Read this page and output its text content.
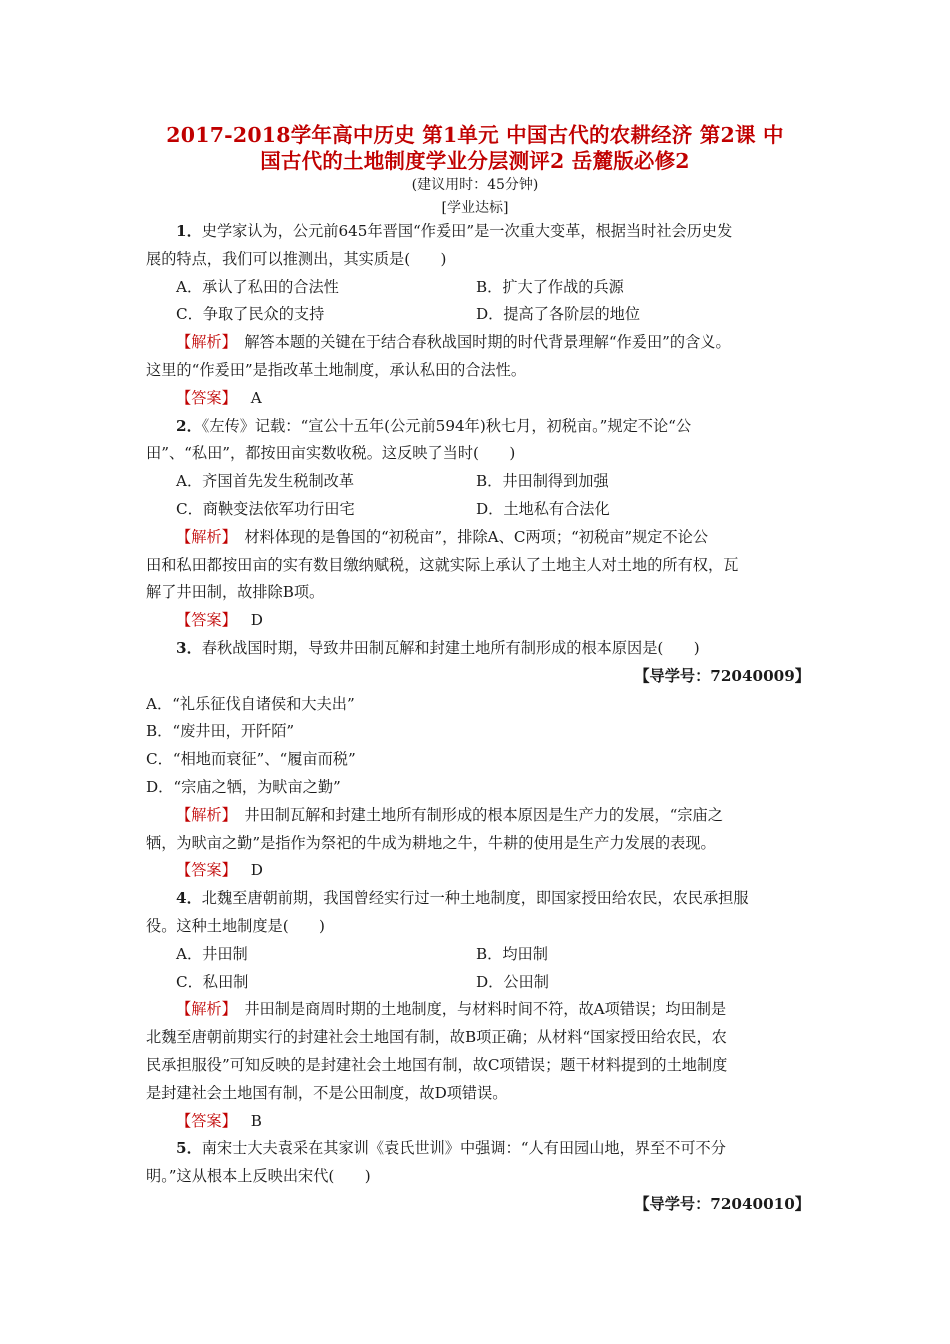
2017-2018学年高中历史 第1单元 中国古代的农耕经济 第2课 中
国古代的土地制度学业分层测评2 岳麓版必修2
(建议用时：45分钟)
[学业达标]
1．史学家认为，公元前645年晋国“作爰田”是一次重大变革，根据当时社会历史发
展的特点，我们可以推测出，其实质是(　　)
A．承认了私田的合法性	B．扩大了作战的兵源
C．争取了民众的支持	D．提高了各阶层的地位
【解析】　 解答本题的关键在于结合春秋战国时期的时代背景理解“作爰田”的含义。
这里的“作爰田”是指改革土地制度，承认私田的合法性。
【答案】 A
2．《左传》记载：“宣公十五年(公元前594年)秋七月，初税亩。”规定不论“公
田”、“私田”，都按田亩实数收税。这反映了当时(　　)
A．齐国首先发生税制改革	B．井田制得到加强
C．商鞅变法依军功行田宅	D．土地私有合法化
【解析】　 材料体现的是鲁国的“初税亩”，排除A、C两项；“初税亩”规定不论公
田和私田都按田亩的实有数目缴纳赋税，这就实际上承认了土地主人对土地的所有权，瓦
解了井田制，故排除B项。
【答案】 D
3．春秋战国时期，导致井田制瓦解和封建土地所有制形成的根本原因是(　　)
【导学号：72040009】
A．“礼乐征伐自诸侯和大夫出”
B．“废井田，开阡陌”
C．“相地而衰征”、“履亩而税”
D．“宗庙之牺，为畎亩之勤”
【解析】　 井田制瓦解和封建土地所有制形成的根本原因是生产力的发展，“宗庙之
牺，为畎亩之勤”是指作为祭祀的牛成为耕地之牛，牛耕的使用是生产力发展的表现。
【答案】 D
4．北魏至唐朝前期，我国曾经实行过一种土地制度，即国家授田给农民，农民承担服
役。这种土地制度是(　　)
A．井田制	B．均田制
C．私田制	D．公田制
【解析】　 井田制是商周时期的土地制度，与材料时间不符，故A项错误；均田制是
北魏至唐朝前期实行的封建社会土地国有制，故B项正确；从材料“国家授田给农民，农
民承担服役”可知反映的是封建社会土地国有制，故C项错误；题干材料提到的土地制度
是封建社会土地国有制，不是公田制度，故D项错误。
【答案】 B
5．南宋士大夫袁采在其家训《袁氏世训》中强调：“人有田园山地，界至不可不分
明。”这从根本上反映出宋代(　　)
【导学号：72040010】
